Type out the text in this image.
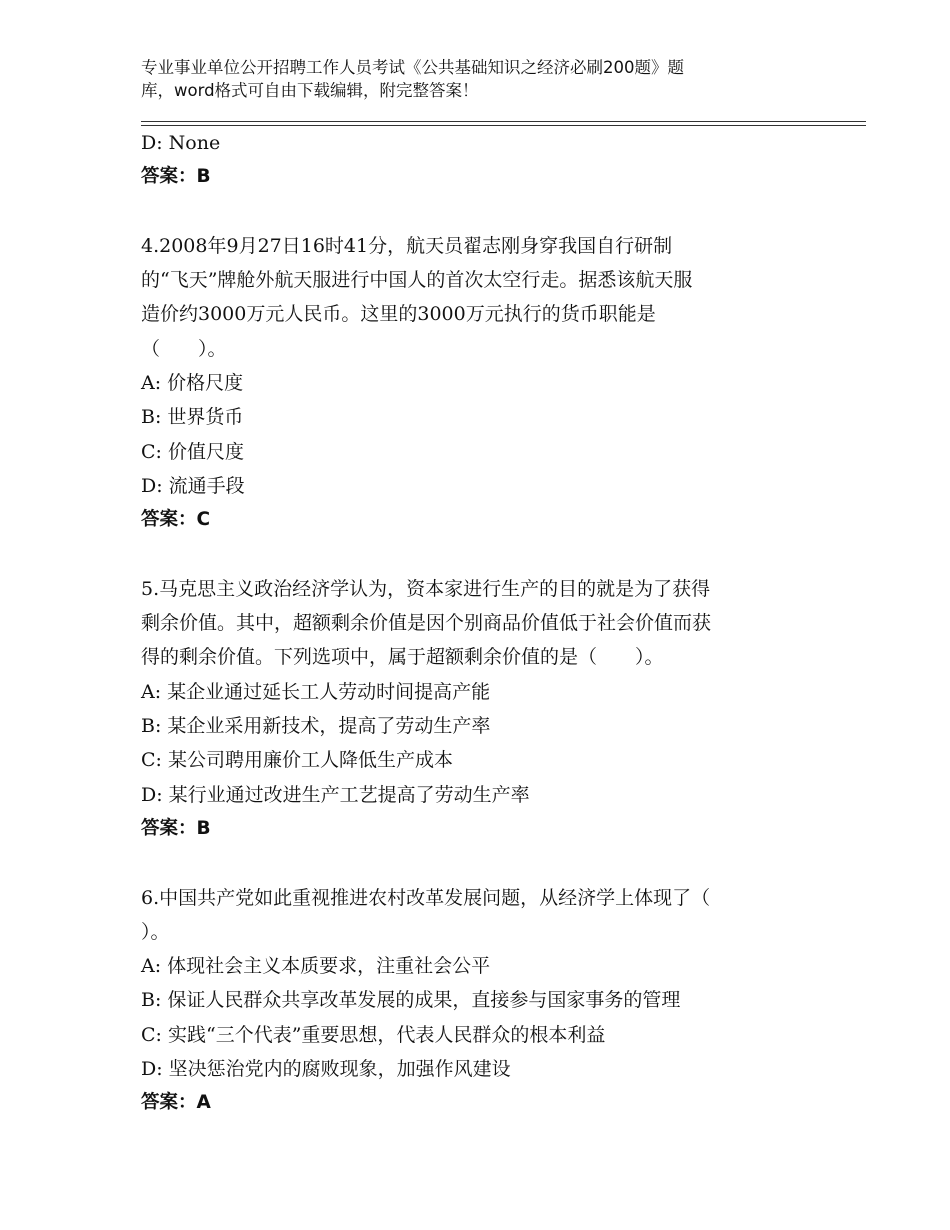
专业事业单位公开招聘工作人员考试《公共基础知识之经济必刷200题》题
库，word格式可自由下载编辑，附完整答案！
D: None
答案：B
4.2008年9月27日16时41分，航天员翟志刚身穿我国自行研制
的“飞天”牌舱外航天服进行中国人的首次太空行走。据悉该航天服
造价约3000万元人民币。这里的3000万元执行的货币职能是
（　　）。
A: 价格尺度
B: 世界货币
C: 价值尺度
D: 流通手段
答案：C
5.马克思主义政治经济学认为，资本家进行生产的目的就是为了获得
剩余价值。其中，超额剩余价值是因个别商品价值低于社会价值而获
得的剩余价值。下列选项中，属于超额剩余价值的是（　　）。
A: 某企业通过延长工人劳动时间提高产能
B: 某企业采用新技术，提高了劳动生产率
C: 某公司聘用廉价工人降低生产成本
D: 某行业通过改进生产工艺提高了劳动生产率
答案：B
6.中国共产党如此重视推进农村改革发展问题，从经济学上体现了（
）。
A: 体现社会主义本质要求，注重社会公平
B: 保证人民群众共享改革发展的成果，直接参与国家事务的管理
C: 实践“三个代表”重要思想，代表人民群众的根本利益
D: 坚决惩治党内的腐败现象，加强作风建设
答案：A
